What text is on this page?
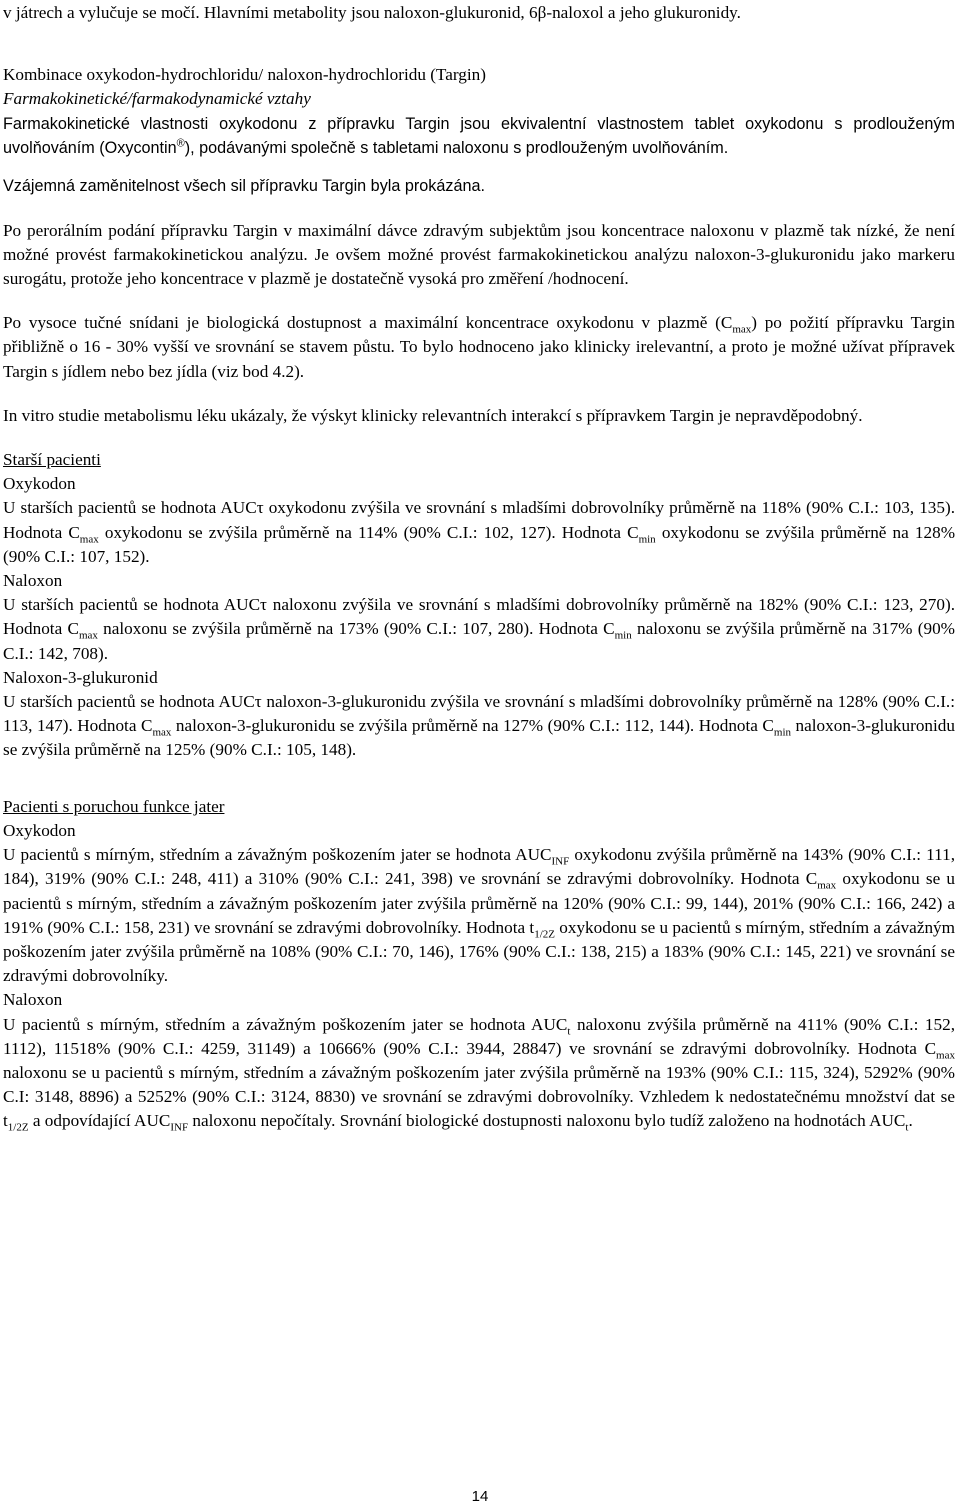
v játrech a vylučuje se močí. Hlavními metabolity jsou naloxon-glukuronid, 6β-naloxol a jeho glukuronidy.

Kombinace oxykodon-hydrochloridu/ naloxon-hydrochloridu (Targin)

Farmakokinetické/farmakodynamické vztahy

Farmakokinetické vlastnosti oxykodonu z přípravku Targin jsou ekvivalentní vlastnostem tablet oxykodonu s prodlouženým uvolňováním (Oxycontin®), podávanými společně s tabletami naloxonu s prodlouženým uvolňováním.

Vzájemná zaměnitelnost všech sil přípravku Targin byla prokázána.

Po perorálním podání přípravku Targin v maximální dávce zdravým subjektům jsou koncentrace naloxonu v plazmě tak nízké, že není možné provést farmakokinetickou analýzu. Je ovšem možné provést farmakokinetickou analýzu naloxon-3-glukuronidu jako markeru surogátu, protože jeho koncentrace v plazmě je dostatečně vysoká pro změření /hodnocení.

Po vysoce tučné snídani je biologická dostupnost a maximální koncentrace oxykodonu v plazmě $(C_{max})$ po požití přípravku Targin přibližně o 16 - 30% vyšší ve srovnání se stavem půstu. To bylo hodnoceno jako klinicky irelevantní, a proto je možné užívat přípravek Targin s jídlem nebo bez jídla (viz bod 4.2).

In vitro studie metabolismu léku ukázaly, že výskyt klinicky relevantních interakcí s přípravkem Targin je nepravděpodobný.

Starší pacienti

Oxykodon

U starších pacientů se hodnota AUCτ oxykodonu zvýšila ve srovnání s mladšími dobrovolníky průměrně na 118% (90% C.I.: 103, 135). Hodnota $C_{max}$ oxykodonu se zvýšila průměrně na 114% (90% C.I.: 102, 127). Hodnota $C_{min}$ oxykodonu se zvýšila průměrně na 128% (90% C.I.: 107, 152).

Naloxon

U starších pacientů se hodnota AUCτ naloxonu zvýšila ve srovnání s mladšími dobrovolníky průměrně na 182% (90% C.I.: 123, 270). Hodnota $C_{max}$ naloxonu se zvýšila průměrně na 173% (90% C.I.: 107, 280). Hodnota $C_{min}$ naloxonu se zvýšila průměrně na 317% (90% C.I.: 142, 708).

Naloxon-3-glukuronid

U starších pacientů se hodnota AUCτ naloxon-3-glukuronidu zvýšila ve srovnání s mladšími dobrovolníky průměrně na 128% (90% C.I.: 113, 147). Hodnota $C_{max}$ naloxon-3-glukuronidu se zvýšila průměrně na 127% (90% C.I.: 112, 144). Hodnota $C_{min}$ naloxon-3-glukuronidu se zvýšila průměrně na 125% (90% C.I.: 105, 148).

Pacienti s poruchou funkce jater

Oxykodon

U pacientů s mírným, středním a závažným poškozením jater se hodnota $AUC_{INF}$ oxykodonu zvýšila průměrně na 143% (90% C.I.: 111, 184), 319% (90% C.I.: 248, 411) a 310% (90% C.I.: 241, 398) ve srovnání se zdravými dobrovolníky. Hodnota $C_{max}$ oxykodonu se u pacientů s mírným, středním a závažným poškozením jater zvýšila průměrně na 120% (90% C.I.: 99, 144), 201% (90% C.I.: 166, 242) a 191% (90% C.I.: 158, 231) ve srovnání se zdravými dobrovolníky. Hodnota $t_{1/2Z}$ oxykodonu se u pacientů s mírným, středním a závažným poškozením jater zvýšila průměrně na 108% (90% C.I.: 70, 146), 176% (90% C.I.: 138, 215) a 183% (90% C.I.: 145, 221) ve srovnání se zdravými dobrovolníky.

Naloxon

U pacientů s mírným, středním a závažným poškozením jater se hodnota $AUC_t$ naloxonu zvýšila průměrně na 411% (90% C.I.: 152, 1112), 11518% (90% C.I.: 4259, 31149) a 10666% (90% C.I.: 3944, 28847) ve srovnání se zdravými dobrovolníky. Hodnota $C_{max}$ naloxonu se u pacientů s mírným, středním a závažným poškozením jater zvýšila průměrně na 193% (90% C.I.: 115, 324), 5292% (90% C.I: 3148, 8896) a 5252% (90% C.I.: 3124, 8830) ve srovnání se zdravými dobrovolníky. Vzhledem k nedostatečnému množství dat se $t_{1/2Z}$ a odpovídající $AUC_{INF}$ naloxonu nepočítaly. Srovnání biologické dostupnosti naloxonu bylo tudíž založeno na hodnotách $AUC_t$.

14
